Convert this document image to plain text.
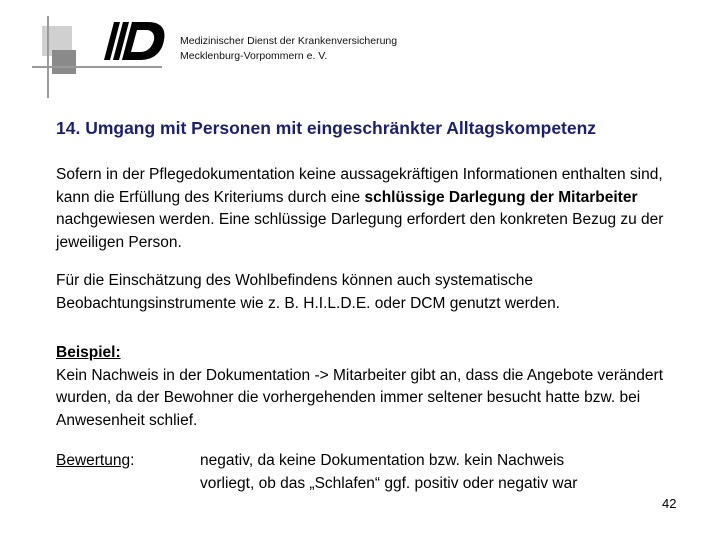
Medizinischer Dienst der Krankenversicherung
Mecklenburg-Vorpommern e. V.
14. Umgang mit Personen mit eingeschränkter Alltagskompetenz

Sofern in der Pflegedokumentation keine aussagekräftigen Informationen enthalten sind, kann die Erfüllung des Kriteriums durch eine schlüssige Darlegung der Mitarbeiter nachgewiesen werden. Eine schlüssige Darlegung erfordert den konkreten Bezug zu der jeweiligen Person.

Für die Einschätzung des Wohlbefindens können auch systematische Beobachtungsinstrumente wie z. B. H.I.L.D.E. oder DCM genutzt werden.

Beispiel:
Kein Nachweis in der Dokumentation -> Mitarbeiter gibt an, dass die Angebote verändert wurden, da der Bewohner die vorhergehenden immer seltener besucht hatte bzw. bei Anwesenheit schlief.
Bewertung:	negativ, da keine Dokumentation bzw. kein Nachweis
vorliegt, ob das „Schlafen“ ggf. positiv oder negativ war
42
